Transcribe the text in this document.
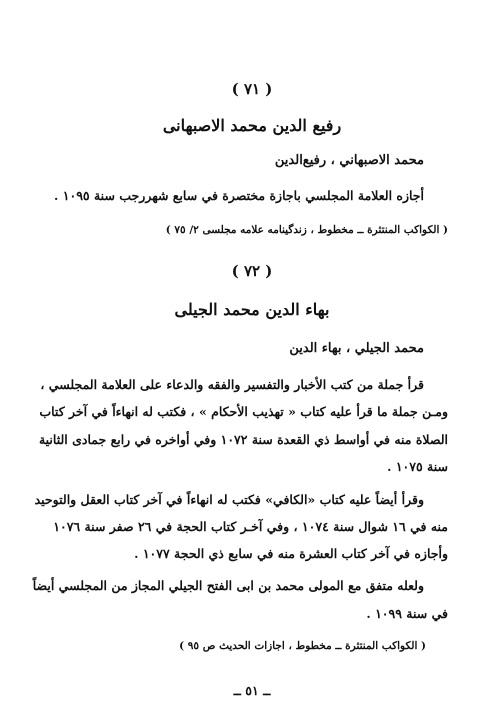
( ٧١ )
رفيع الدين محمد الاصبهانى
محمد الاصبهاني ، رفيع‌الدين
أجازه العلامة المجلسي باجازة مختصرة في سابع شهررجب سنة ١٠٩٥ .
( الكواكب المنتثرة ــ مخطوط ، زندگينامه علامه مجلسى ٢/ ٧٥ )
( ٧٢ )
بهاء الدين محمد الجيلى
محمد الجيلي ، بهاء الدين
قرأ جملة من كتب الأخبار والتفسير والفقه والدعاء على العلامة المجلسي ،
ومـن جملة ما قرأ عليه كتاب « تهذيب الأحكام » ، فكتب له انهاءاً في آخر كتاب
الصلاة منه في أواسط ذي القعدة سنة ١٠٧٢ وفي أواخره في رابع جمادى الثانية
سنة ١٠٧٥ .
وقرأ أيضاً عليه كتاب «الكافي» فكتب له انهاءاً في آخر كتاب العقل والتوحيد
منه في ١٦ شوال سنة ١٠٧٤ ، وفي آخـر كتاب الحجة في ٢٦ صفر سنة ١٠٧٦
وأجازه في آخر كتاب العشرة منه في سابع ذي الحجة ١٠٧٧ .
ولعله متفق مع المولى محمد بن ابى الفتح الجيلي المجاز من المجلسي أيضاً
في سنة ١٠٩٩ .
( الكواكب المنتثرة ــ مخطوط ، اجازات الحديث ص ٩٥ )
ــ ٥١ ــ
